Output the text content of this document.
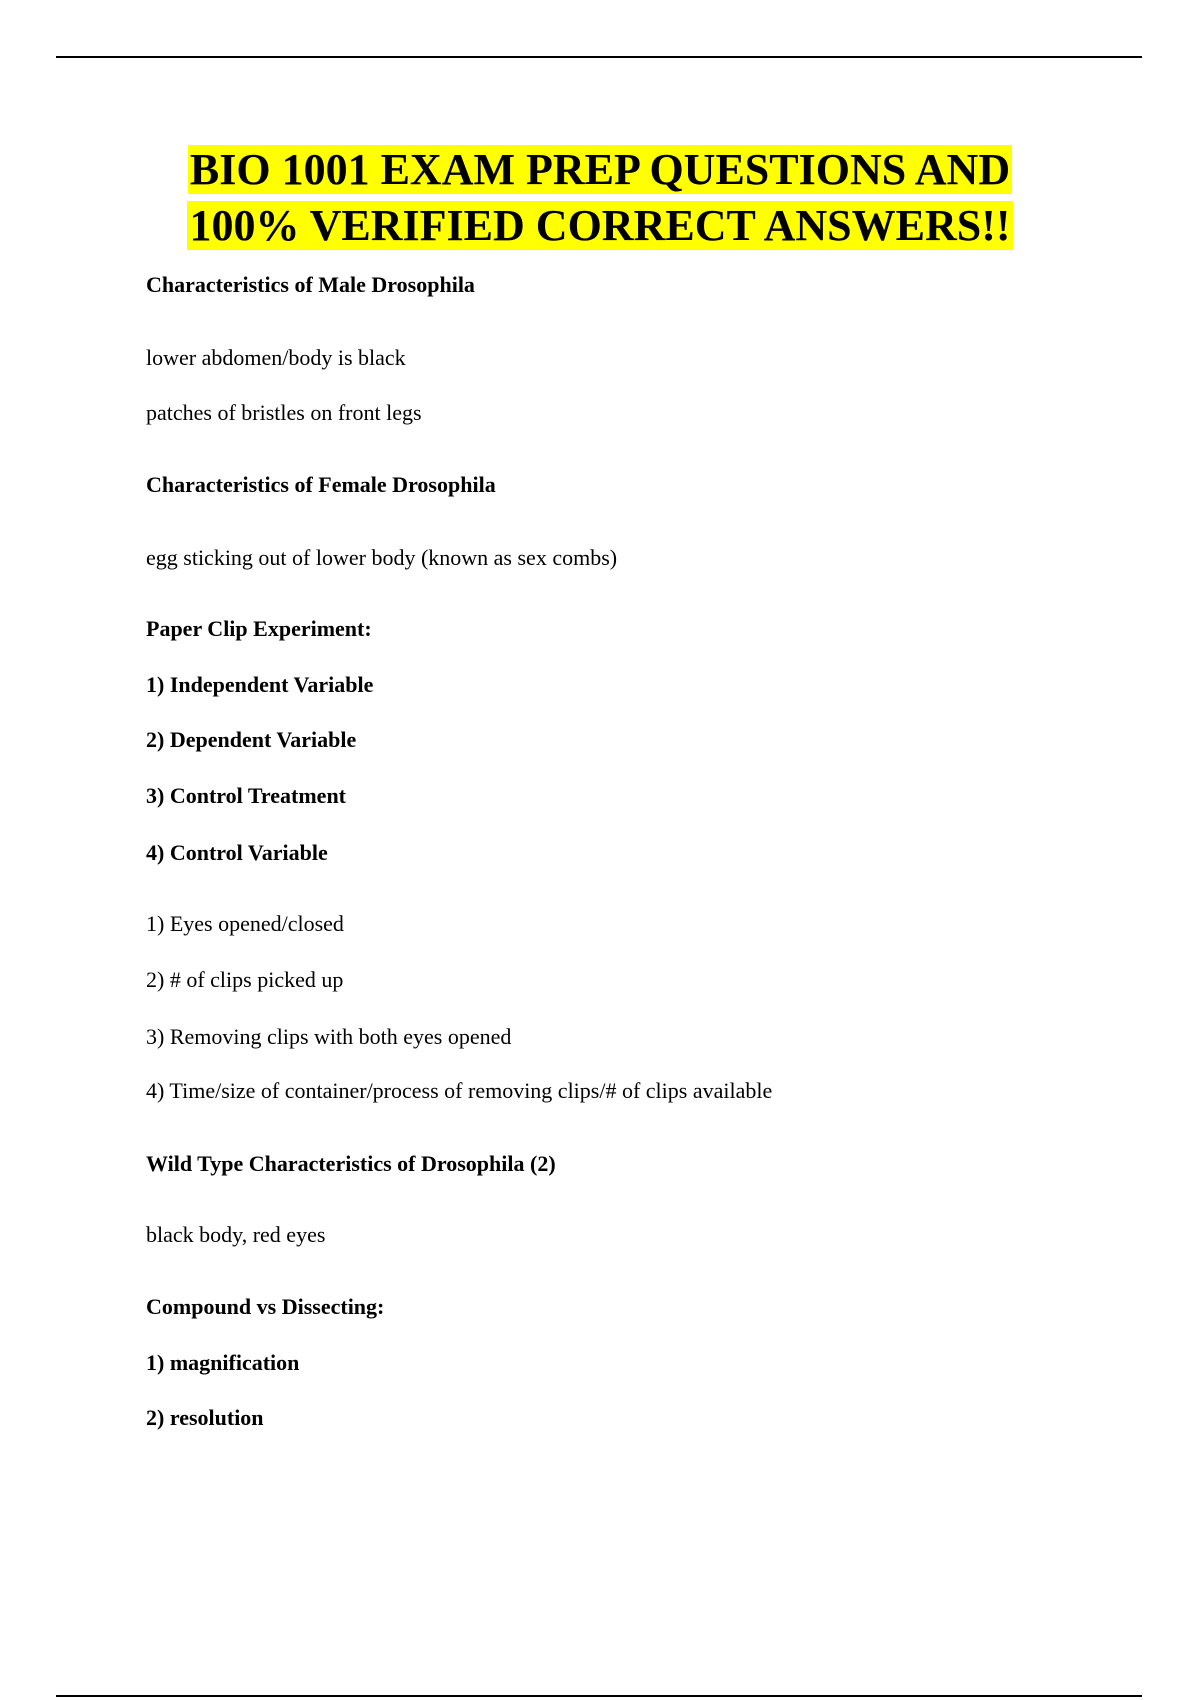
BIO 1001 EXAM PREP QUESTIONS AND
100% VERIFIED CORRECT ANSWERS!!
Characteristics of Male Drosophila
lower abdomen/body is black
patches of bristles on front legs
Characteristics of Female Drosophila
egg sticking out of lower body (known as sex combs)
Paper Clip Experiment:
1) Independent Variable
2) Dependent Variable
3) Control Treatment
4) Control Variable
1) Eyes opened/closed
2) # of clips picked up
3) Removing clips with both eyes opened
4) Time/size of container/process of removing clips/# of clips available
Wild Type Characteristics of Drosophila (2)
black body, red eyes
Compound vs Dissecting:
1) magnification
2) resolution
